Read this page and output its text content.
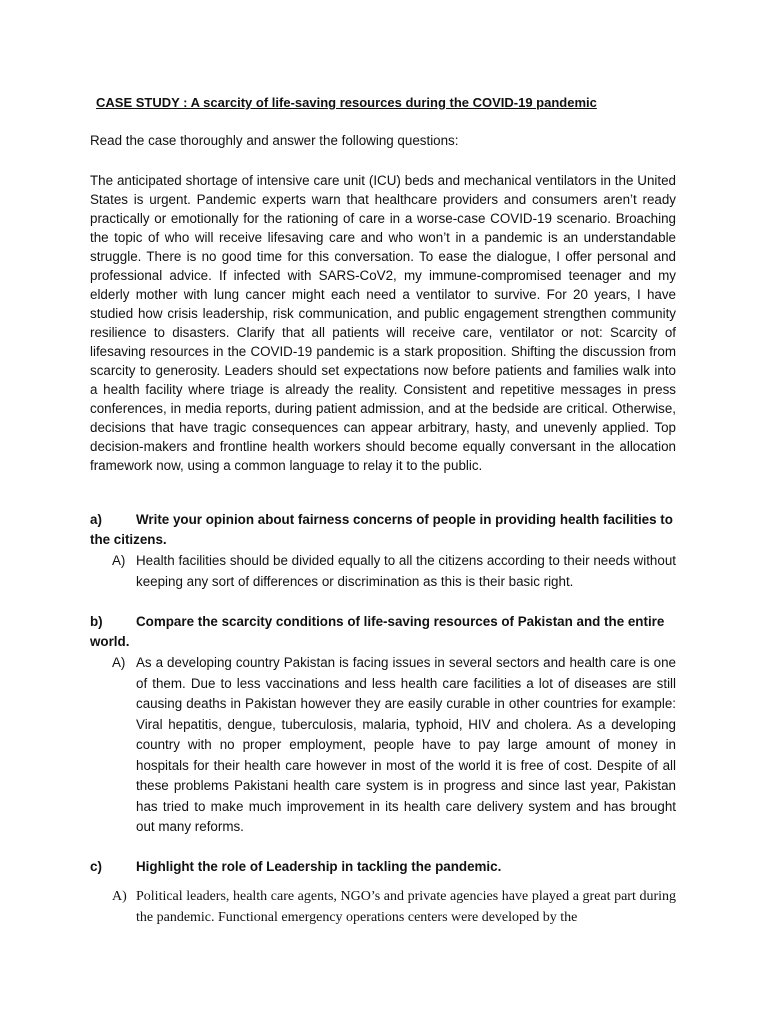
CASE STUDY : A scarcity of life-saving resources during the COVID-19 pandemic
Read the case thoroughly and answer the following questions:
The anticipated shortage of intensive care unit (ICU) beds and mechanical ventilators in the United States is urgent. Pandemic experts warn that healthcare providers and consumers aren’t ready practically or emotionally for the rationing of care in a worse-case COVID-19 scenario. Broaching the topic of who will receive lifesaving care and who won’t in a pandemic is an understandable struggle. There is no good time for this conversation. To ease the dialogue, I offer personal and professional advice. If infected with SARS-CoV2, my immune-compromised teenager and my elderly mother with lung cancer might each need a ventilator to survive. For 20 years, I have studied how crisis leadership, risk communication, and public engagement strengthen community resilience to disasters. Clarify that all patients will receive care, ventilator or not: Scarcity of lifesaving resources in the COVID-19 pandemic is a stark proposition. Shifting the discussion from scarcity to generosity. Leaders should set expectations now before patients and families walk into a health facility where triage is already the reality. Consistent and repetitive messages in press conferences, in media reports, during patient admission, and at the bedside are critical. Otherwise, decisions that have tragic consequences can appear arbitrary, hasty, and unevenly applied. Top decision-makers and frontline health workers should become equally conversant in the allocation framework now, using a common language to relay it to the public.
a)	Write your opinion about fairness concerns of people in providing health facilities to the citizens.
A) Health facilities should be divided equally to all the citizens according to their needs without keeping any sort of differences or discrimination as this is their basic right.
b) Compare the scarcity conditions of life-saving resources of Pakistan and the entire world.
A) As a developing country Pakistan is facing issues in several sectors and health care is one of them. Due to less vaccinations and less health care facilities a lot of diseases are still causing deaths in Pakistan however they are easily curable in other countries for example: Viral hepatitis, dengue, tuberculosis, malaria, typhoid, HIV and cholera. As a developing country with no proper employment, people have to pay large amount of money in hospitals for their health care however in most of the world it is free of cost. Despite of all these problems Pakistani health care system is in progress and since last year, Pakistan has tried to make much improvement in its health care delivery system and has brought out many reforms.
c)	Highlight the role of Leadership in tackling the pandemic.
A) Political leaders, health care agents, NGO’s and private agencies have played a great part during the pandemic. Functional emergency operations centers were developed by the
